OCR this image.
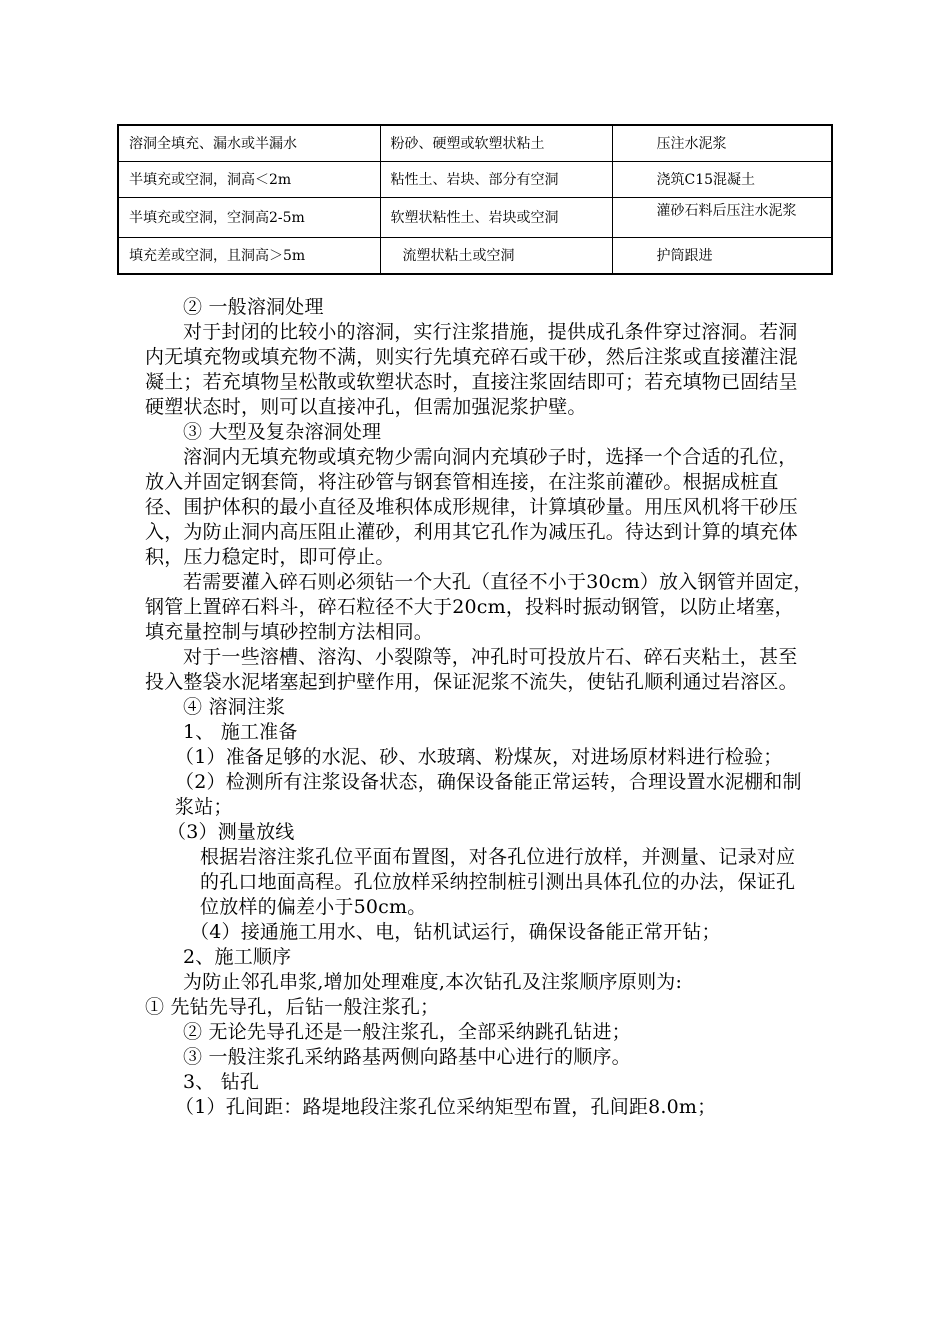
溶洞全填充、漏水或半漏水	粉砂、硬塑或软塑状粘土	压注水泥浆
半填充或空洞，洞高＜2m	粘性土、岩块、部分有空洞	浇筑C15混凝土
半填充或空洞，空洞高2-5m	软塑状粘性土、岩块或空洞	灌砂石料后压注水泥浆
填充差或空洞，且洞高＞5m	流塑状粘土或空洞	护筒跟进

② 一般溶洞处理

对于封闭的比较小的溶洞，实行注浆措施，提供成孔条件穿过溶洞。若洞内无填充物或填充物不满，则实行先填充碎石或干砂，然后注浆或直接灌注混凝土；若充填物呈松散或软塑状态时，直接注浆固结即可；若充填物已固结呈硬塑状态时，则可以直接冲孔，但需加强泥浆护壁。

③ 大型及复杂溶洞处理

溶洞内无填充物或填充物少需向洞内充填砂子时，选择一个合适的孔位，放入并固定钢套筒，将注砂管与钢套管相连接，在注浆前灌砂。根据成桩直径、围护体积的最小直径及堆积体成形规律，计算填砂量。用压风机将干砂压入，为防止洞内高压阻止灌砂，利用其它孔作为减压孔。待达到计算的填充体积，压力稳定时，即可停止。

若需要灌入碎石则必须钻一个大孔（直径不小于30cm）放入钢管并固定，钢管上置碎石料斗，碎石粒径不大于20cm，投料时振动钢管，以防止堵塞，填充量控制与填砂控制方法相同。

对于一些溶槽、溶沟、小裂隙等，冲孔时可投放片石、碎石夹粘土，甚至投入整袋水泥堵塞起到护壁作用，保证泥浆不流失，使钻孔顺利通过岩溶区。

④ 溶洞注浆

1、 施工准备

（1）准备足够的水泥、砂、水玻璃、粉煤灰，对进场原材料进行检验；

（2）检测所有注浆设备状态，确保设备能正常运转，合理设置水泥棚和制浆站；

（3）测量放线

根据岩溶注浆孔位平面布置图，对各孔位进行放样，并测量、记录对应的孔口地面高程。孔位放样采纳控制桩引测出具体孔位的办法，保证孔位放样的偏差小于50cm。

（4）接通施工用水、电，钻机试运行，确保设备能正常开钻；

2、施工顺序

为防止邻孔串浆,增加处理难度,本次钻孔及注浆顺序原则为:

① 先钻先导孔，后钻一般注浆孔；

② 无论先导孔还是一般注浆孔，全部采纳跳孔钻进；

③ 一般注浆孔采纳路基两侧向路基中心进行的顺序。

3、 钻孔

（1）孔间距：路堤地段注浆孔位采纳矩型布置，孔间距8.0m；
